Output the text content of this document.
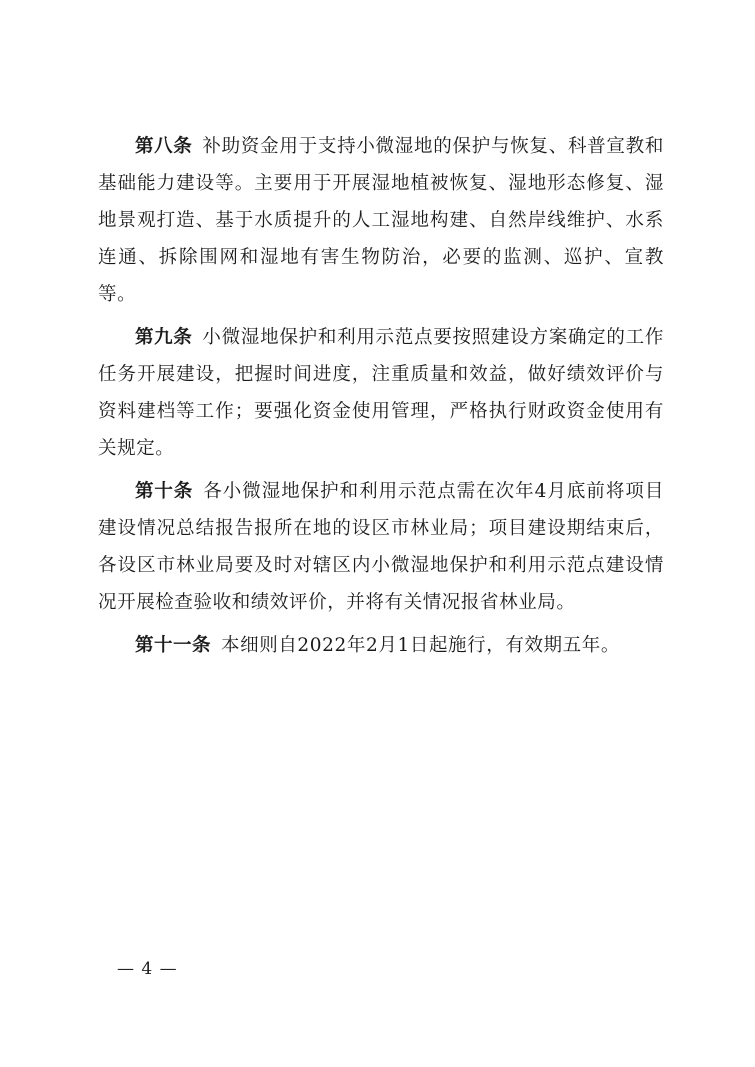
第八条 补助资金用于支持小微湿地的保护与恢复、科普宣教和基础能力建设等。主要用于开展湿地植被恢复、湿地形态修复、湿地景观打造、基于水质提升的人工湿地构建、自然岸线维护、水系连通、拆除围网和湿地有害生物防治，必要的监测、巡护、宣教等。

第九条 小微湿地保护和利用示范点要按照建设方案确定的工作任务开展建设，把握时间进度，注重质量和效益，做好绩效评价与资料建档等工作；要强化资金使用管理，严格执行财政资金使用有关规定。

第十条 各小微湿地保护和利用示范点需在次年4月底前将项目建设情况总结报告报所在地的设区市林业局；项目建设期结束后，各设区市林业局要及时对辖区内小微湿地保护和利用示范点建设情况开展检查验收和绩效评价，并将有关情况报省林业局。

第十一条 本细则自2022年2月1日起施行，有效期五年。

— 4 —
